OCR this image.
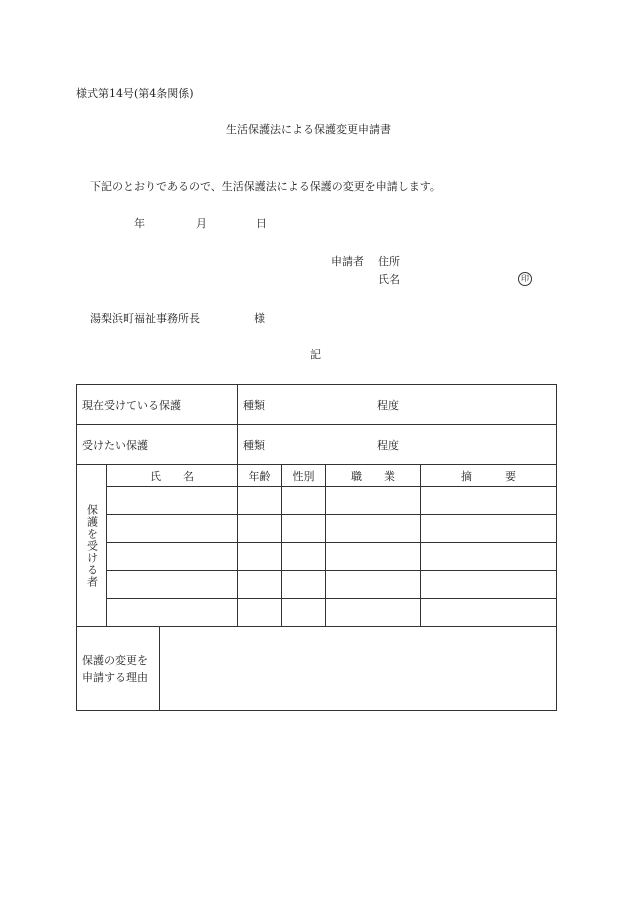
様式第14号(第4条関係)
生活保護法による保護変更申請書
下記のとおりであるので、生活保護法による保護の変更を申請します。
年	月	日
申請者 住所
氏名	印
湯梨浜町福祉事務所長	様
記
現在受けている保護			種類 程度			

受けたい保護			種類 程度			

保護を受ける者	氏　　名		年齢	性別	職　　業	摘　　　要

保護の変更を
申請する理由						
